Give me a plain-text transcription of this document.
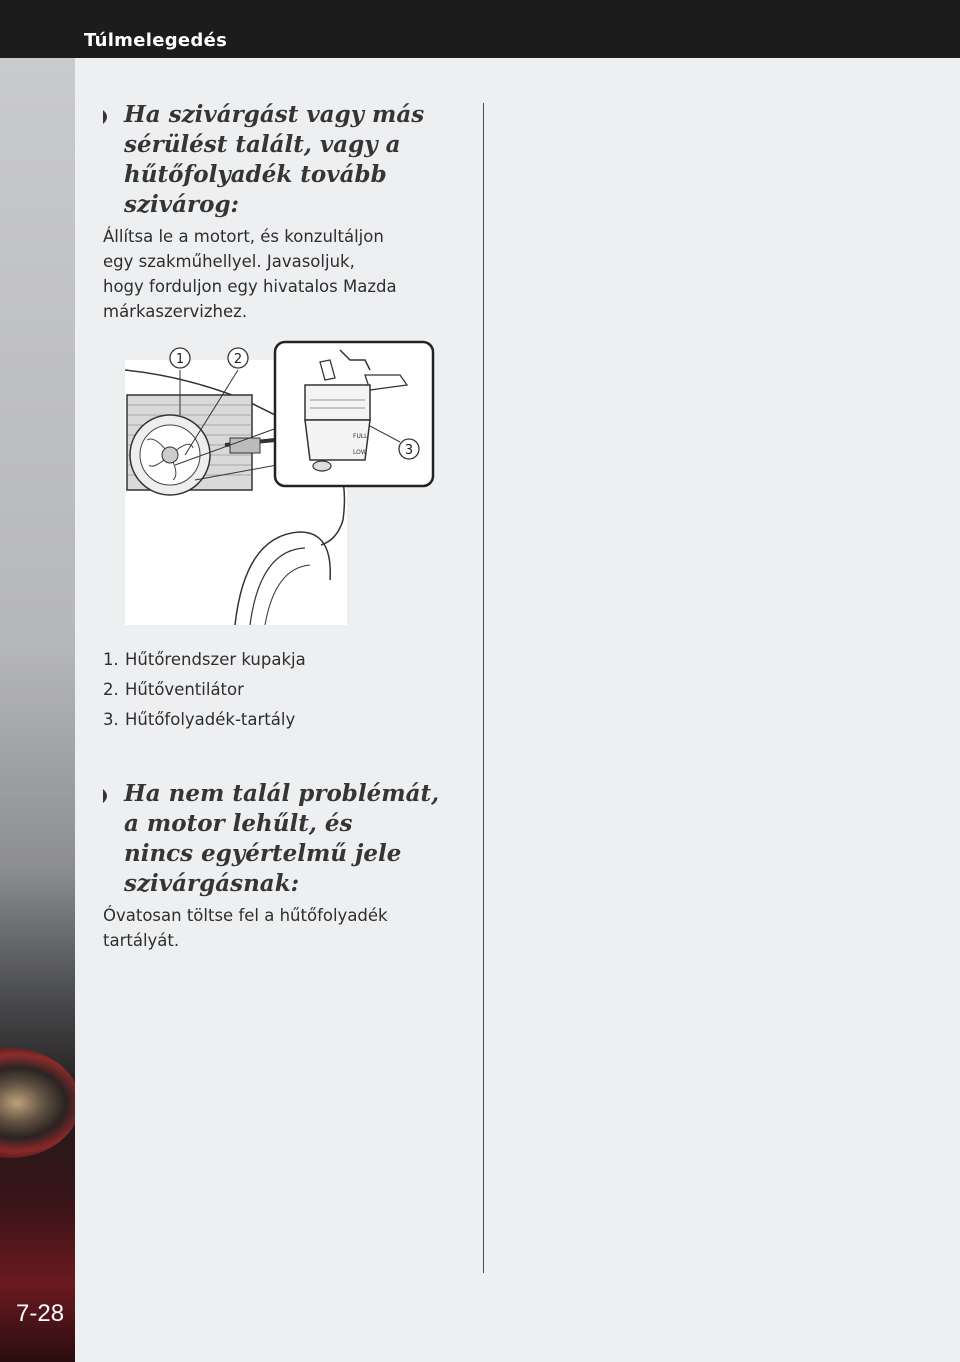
Túlmelegedés
7-28
Ha szivárgást vagy más
sérülést talált, vagy a
hűtőfolyadék tovább
szivárog:
Állítsa le a motort, és konzultáljon
egy szakműhellyel. Javasoljuk,
hogy forduljon egy hivatalos Mazda
márkaszervizhez.
1	2
FULL
LOW	3
1. Hűtőrendszer kupakja
2. Hűtőventilátor
3. Hűtőfolyadék-tartály
Ha nem talál problémát,
a motor lehűlt, és
nincs egyértelmű jele
szivárgásnak:
Óvatosan töltse fel a hűtőfolyadék
tartályát.
